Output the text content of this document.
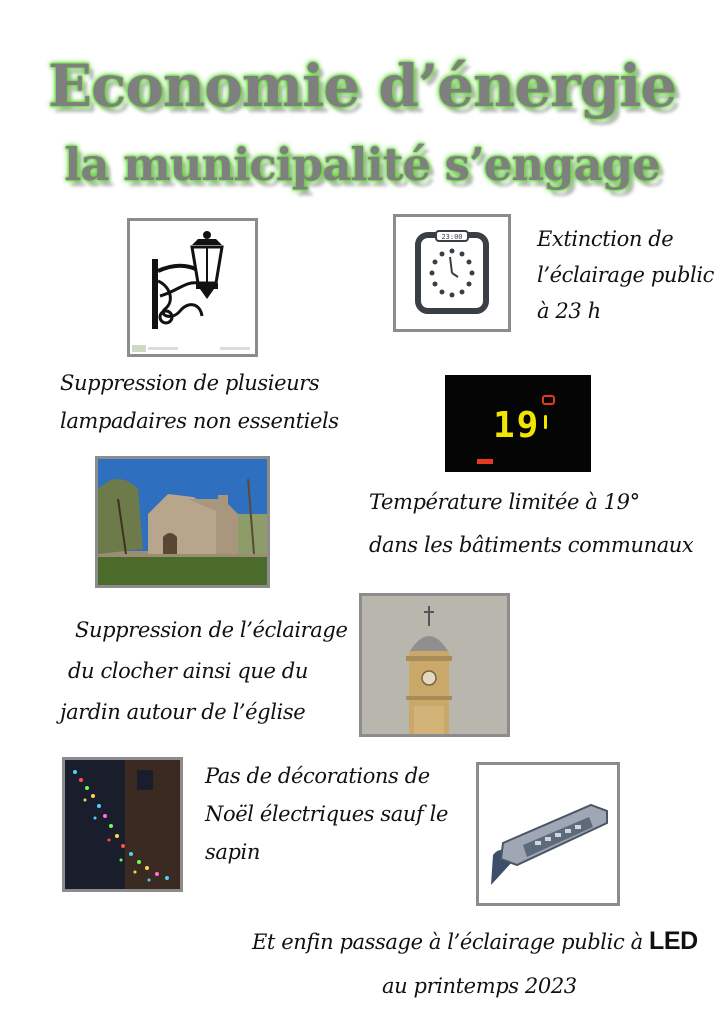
Economie d’énergie
la municipalité s’engage
23:00	Extinction de
l’éclairage public
à 23 h
Suppression de plusieurs
lampadaires non essentiels	19
Température limitée à 19°
dans les bâtiments communaux
Suppression de l’éclairage
du clocher ainsi que du
jardin autour de l’église
Pas de décorations de
Noël électriques sauf le
sapin
Et enfin passage à l’éclairage public à LED
au printemps 2023
